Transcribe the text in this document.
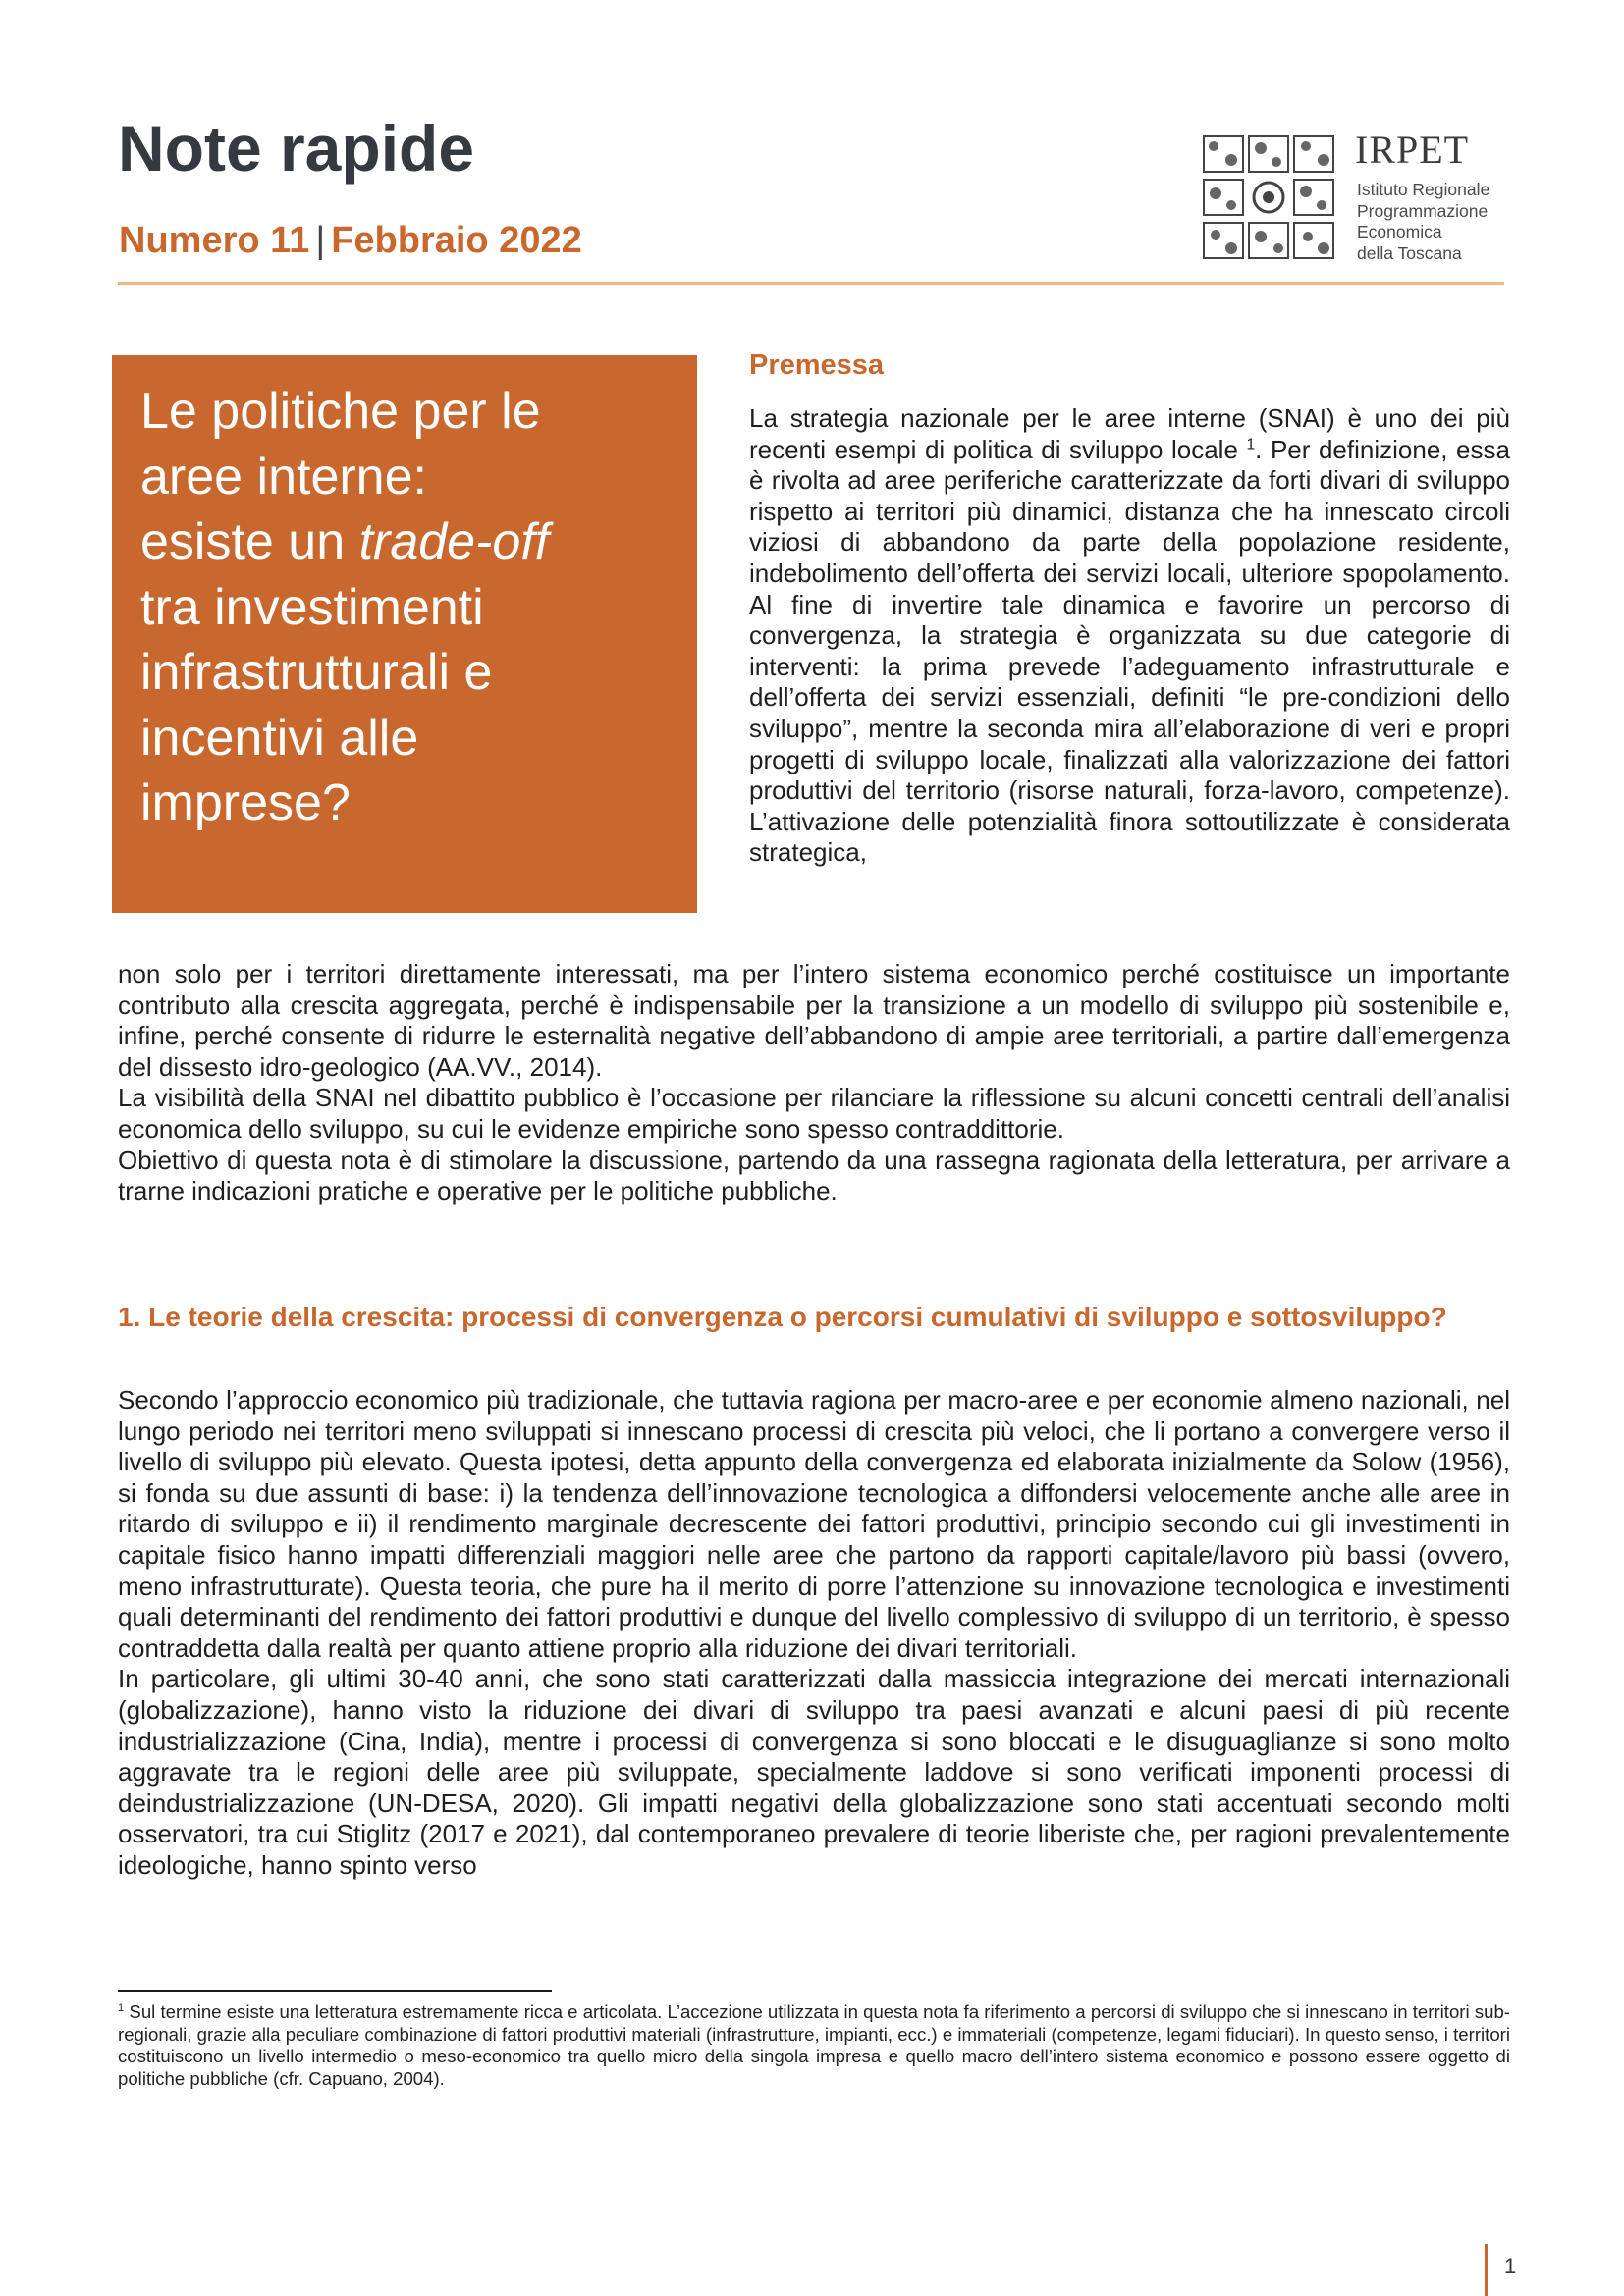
Note rapide

Numero 11 | Febbraio 2022

IRPET
Istituto Regionale
Programmazione
Economica
della Toscana
Le politiche per le
aree interne:
esiste un trade-off
tra investimenti
infrastrutturali e
incentivi alle
imprese?
Premessa

La strategia nazionale per le aree interne (SNAI) è uno dei più recenti esempi di politica di sviluppo locale $^1$. Per definizione, essa è rivolta ad aree periferiche caratterizzate da forti divari di sviluppo rispetto ai territori più dinamici, distanza che ha innescato circoli viziosi di abbandono da parte della popolazione residente, indebolimento dell’offerta dei servizi locali, ulteriore spopolamento. Al fine di invertire tale dinamica e favorire un percorso di convergenza, la strategia è organizzata su due categorie di interventi: la prima prevede l’adeguamento infrastrutturale e dell’offerta dei servizi essenziali, definiti “le pre-condizioni dello sviluppo”, mentre la seconda mira all’elaborazione di veri e propri progetti di sviluppo locale, finalizzati alla valorizzazione dei fattori produttivi del territorio (risorse naturali, forza-lavoro, competenze). L’attivazione delle potenzialità finora sottoutilizzate è considerata strategica,

non solo per i territori direttamente interessati, ma per l’intero sistema economico perché costituisce un importante contributo alla crescita aggregata, perché è indispensabile per la transizione a un modello di sviluppo più sostenibile e, infine, perché consente di ridurre le esternalità negative dell’abbandono di ampie aree territoriali, a partire dall’emergenza del dissesto idro-geologico (AA.VV., 2014).

La visibilità della SNAI nel dibattito pubblico è l’occasione per rilanciare la riflessione su alcuni concetti centrali dell’analisi economica dello sviluppo, su cui le evidenze empiriche sono spesso contraddittorie.

Obiettivo di questa nota è di stimolare la discussione, partendo da una rassegna ragionata della letteratura, per arrivare a trarne indicazioni pratiche e operative per le politiche pubbliche.

1. Le teorie della crescita: processi di convergenza o percorsi cumulativi di sviluppo e sottosviluppo?

Secondo l’approccio economico più tradizionale, che tuttavia ragiona per macro-aree e per economie almeno nazionali, nel lungo periodo nei territori meno sviluppati si innescano processi di crescita più veloci, che li portano a convergere verso il livello di sviluppo più elevato. Questa ipotesi, detta appunto della convergenza ed elaborata inizialmente da Solow (1956), si fonda su due assunti di base: i) la tendenza dell’innovazione tecnologica a diffondersi velocemente anche alle aree in ritardo di sviluppo e ii) il rendimento marginale decrescente dei fattori produttivi, principio secondo cui gli investimenti in capitale fisico hanno impatti differenziali maggiori nelle aree che partono da rapporti capitale/lavoro più bassi (ovvero, meno infrastrutturate). Questa teoria, che pure ha il merito di porre l’attenzione su innovazione tecnologica e investimenti quali determinanti del rendimento dei fattori produttivi e dunque del livello complessivo di sviluppo di un territorio, è spesso contraddetta dalla realtà per quanto attiene proprio alla riduzione dei divari territoriali.

In particolare, gli ultimi 30-40 anni, che sono stati caratterizzati dalla massiccia integrazione dei mercati internazionali (globalizzazione), hanno visto la riduzione dei divari di sviluppo tra paesi avanzati e alcuni paesi di più recente industrializzazione (Cina, India), mentre i processi di convergenza si sono bloccati e le disuguaglianze si sono molto aggravate tra le regioni delle aree più sviluppate, specialmente laddove si sono verificati imponenti processi di deindustrializzazione (UN-DESA, 2020). Gli impatti negativi della globalizzazione sono stati accentuati secondo molti osservatori, tra cui Stiglitz (2017 e 2021), dal contemporaneo prevalere di teorie liberiste che, per ragioni prevalentemente ideologiche, hanno spinto verso

$^1$ Sul termine esiste una letteratura estremamente ricca e articolata. L’accezione utilizzata in questa nota fa riferimento a percorsi di sviluppo che si innescano in territori sub-regionali, grazie alla peculiare combinazione di fattori produttivi materiali (infrastrutture, impianti, ecc.) e immateriali (competenze, legami fiduciari). In questo senso, i territori costituiscono un livello intermedio o meso-economico tra quello micro della singola impresa e quello macro dell’intero sistema economico e possono essere oggetto di politiche pubbliche (cfr. Capuano, 2004).

1
